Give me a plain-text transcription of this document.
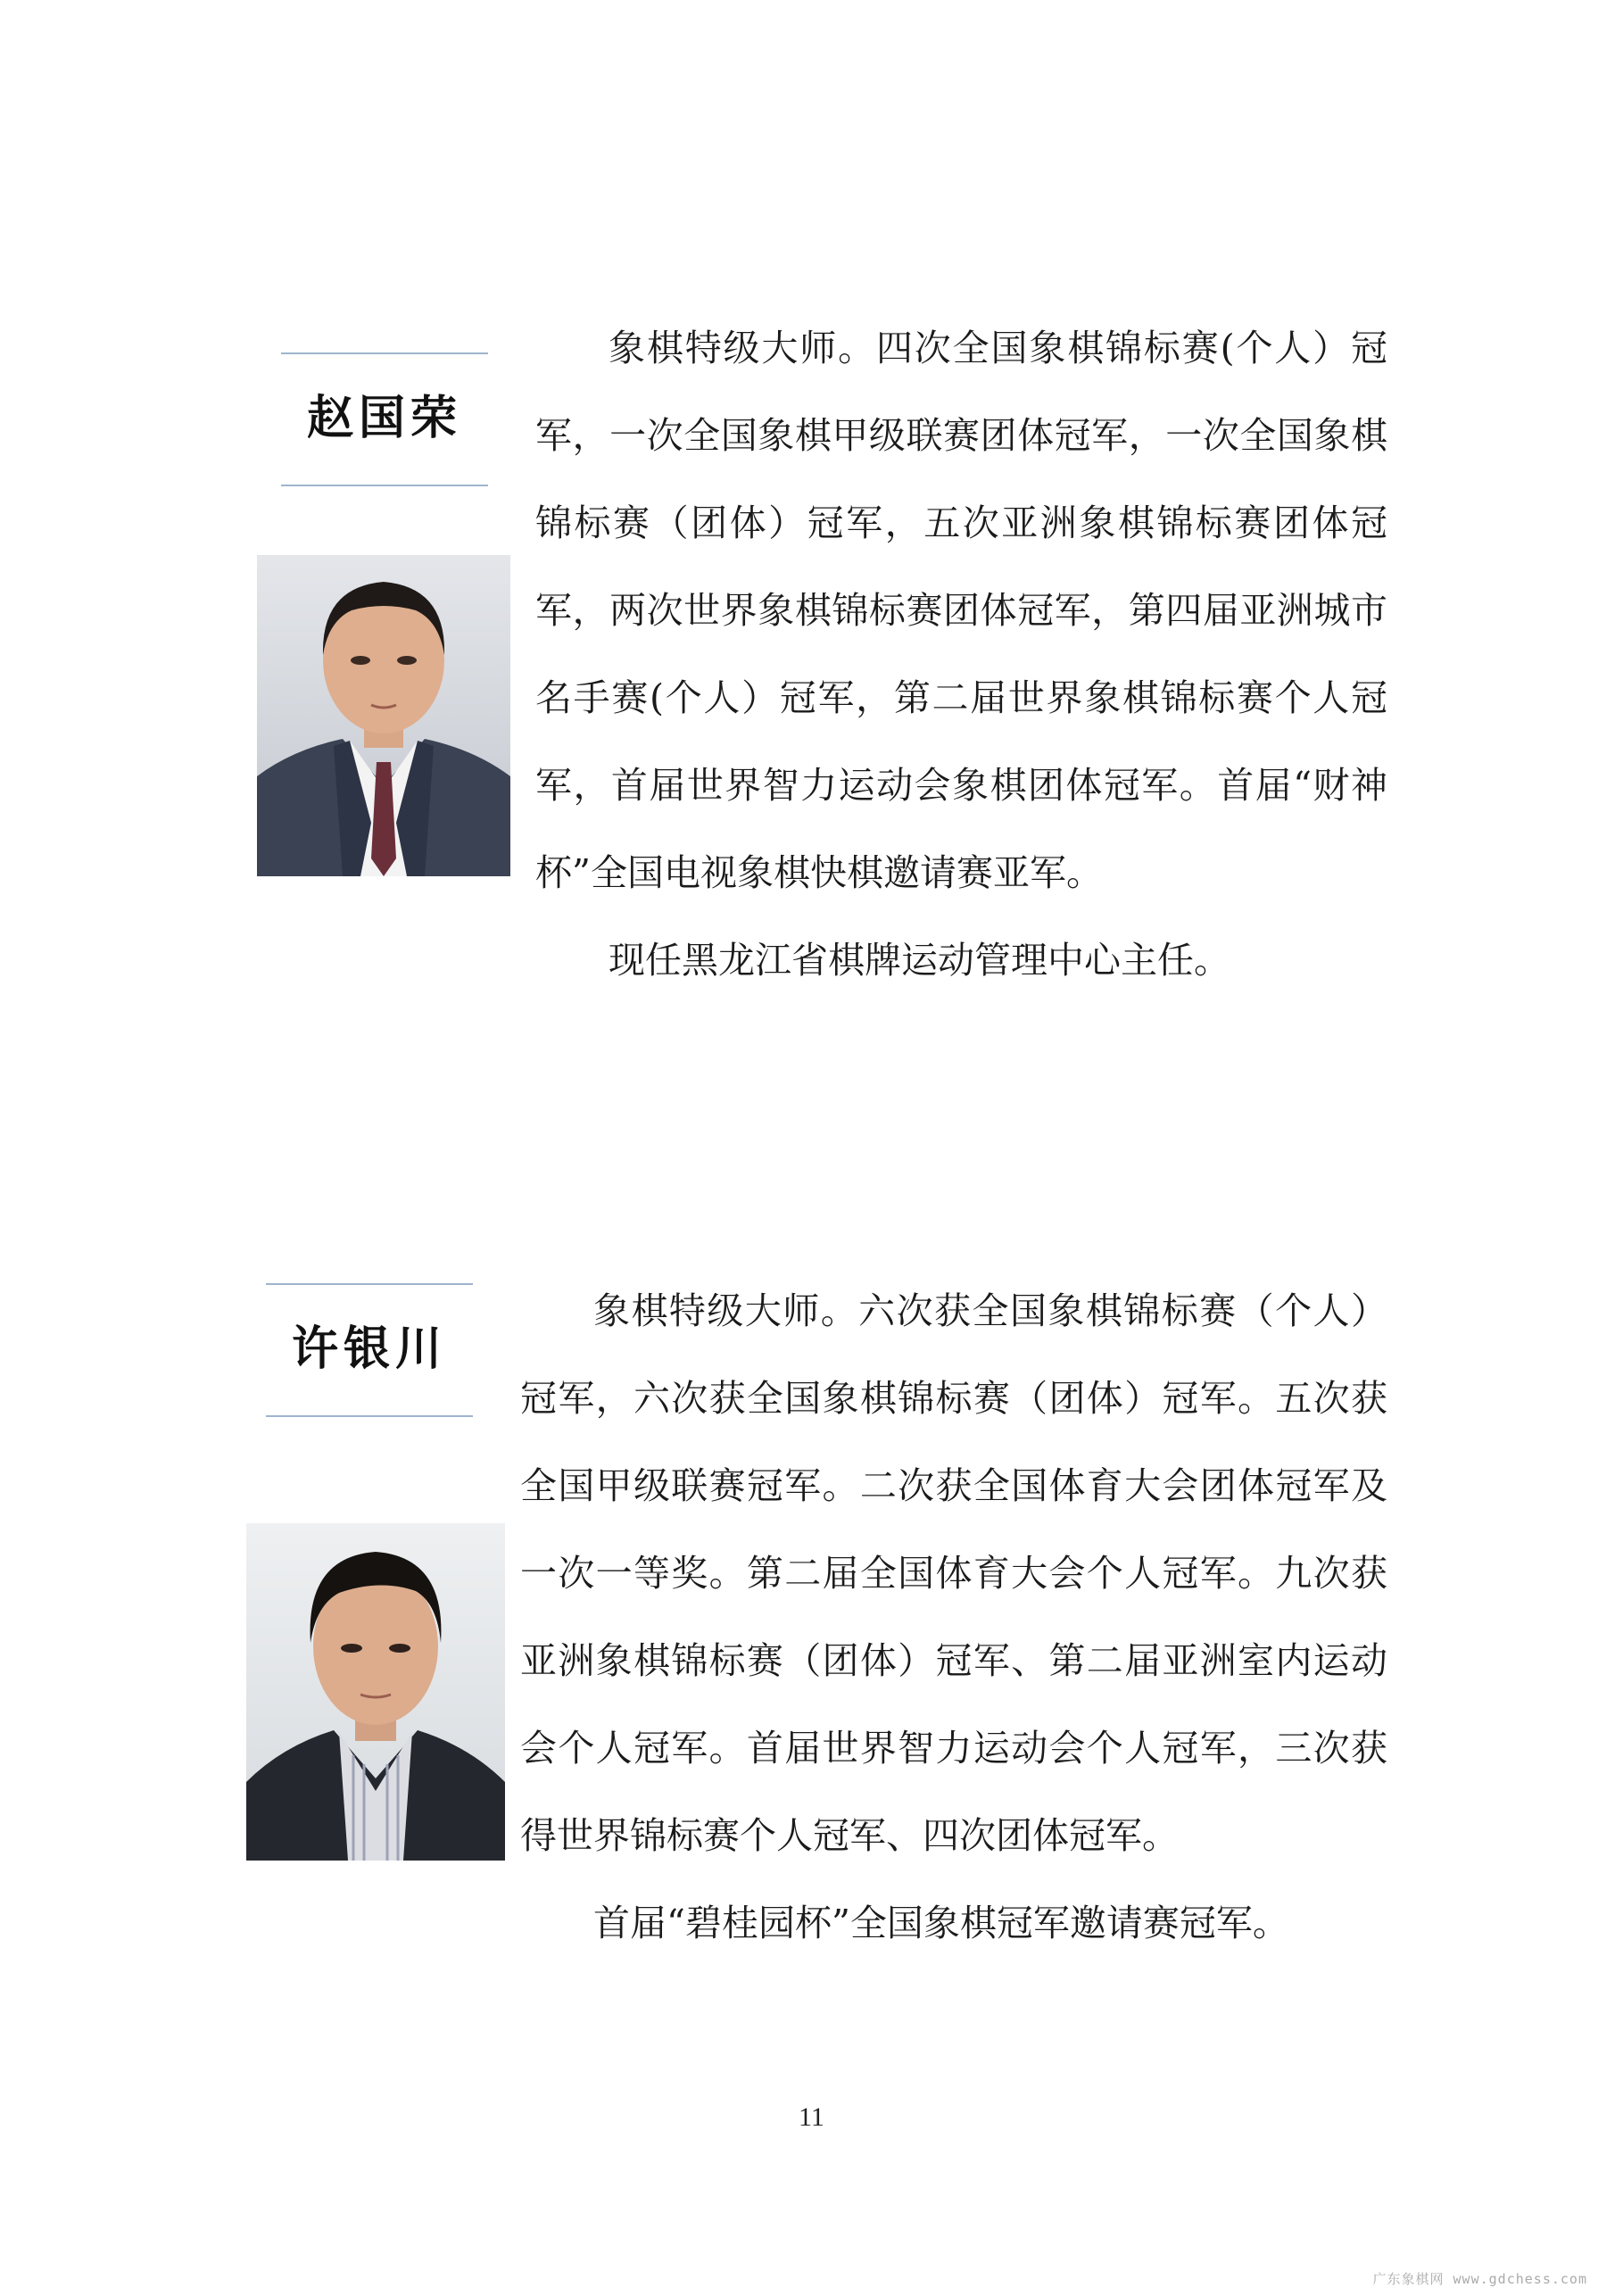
赵国荣

象棋特级大师。四次全国象棋锦标赛(个人）冠军，一次全国象棋甲级联赛团体冠军，一次全国象棋锦标赛（团体）冠军，五次亚洲象棋锦标赛团体冠军，两次世界象棋锦标赛团体冠军，第四届亚洲城市名手赛(个人）冠军，第二届世界象棋锦标赛个人冠军，首届世界智力运动会象棋团体冠军。首届“财神杯”全国电视象棋快棋邀请赛亚军。

现任黑龙江省棋牌运动管理中心主任。

许银川

象棋特级大师。六次获全国象棋锦标赛（个人）冠军，六次获全国象棋锦标赛（团体）冠军。五次获全国甲级联赛冠军。二次获全国体育大会团体冠军及一次一等奖。第二届全国体育大会个人冠军。九次获亚洲象棋锦标赛（团体）冠军、第二届亚洲室内运动会个人冠军。首届世界智力运动会个人冠军，三次获得世界锦标赛个人冠军、四次团体冠军。

首届“碧桂园杯”全国象棋冠军邀请赛冠军。

11
广东象棋网 www.gdchess.com
